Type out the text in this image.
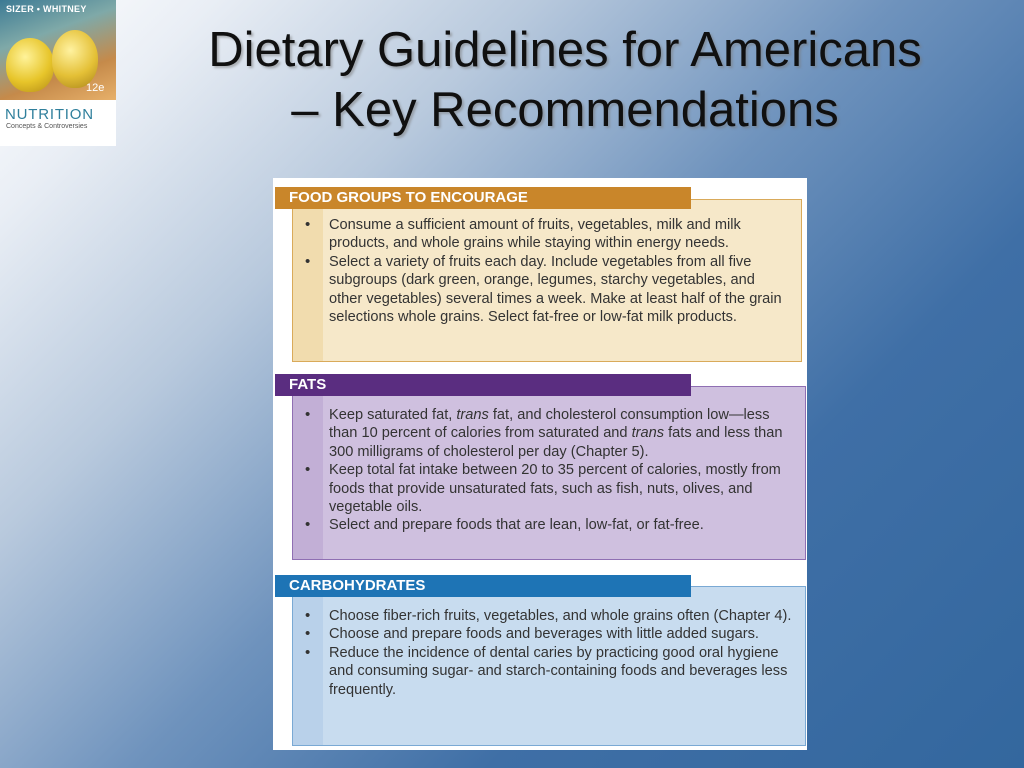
SIZER • WHITNEY
12e
NUTRITION
Concepts & Controversies
Dietary Guidelines for Americans
– Key Recommendations
• Consume a sufficient amount of fruits, vegetables, milk and milk products, and whole grains while staying within energy needs.
• Select a variety of fruits each day. Include vegetables from all five subgroups (dark green, orange, legumes, starchy vegetables, and other vegetables) several times a week. Make at least half of the grain selections whole grains. Select fat-free or low-fat milk products.
FOOD GROUPS TO ENCOURAGE
• Keep saturated fat, trans fat, and cholesterol consumption low—less than 10 percent of calories from saturated and trans fats and less than 300 milligrams of cholesterol per day (Chapter 5).
• Keep total fat intake between 20 to 35 percent of calories, mostly from foods that provide unsaturated fats, such as fish, nuts, olives, and vegetable oils.
• Select and prepare foods that are lean, low-fat, or fat-free.
FATS
• Choose fiber-rich fruits, vegetables, and whole grains often (Chapter 4).
• Choose and prepare foods and beverages with little added sugars.
• Reduce the incidence of dental caries by practicing good oral hygiene and consuming sugar- and starch-containing foods and beverages less frequently.
CARBOHYDRATES
